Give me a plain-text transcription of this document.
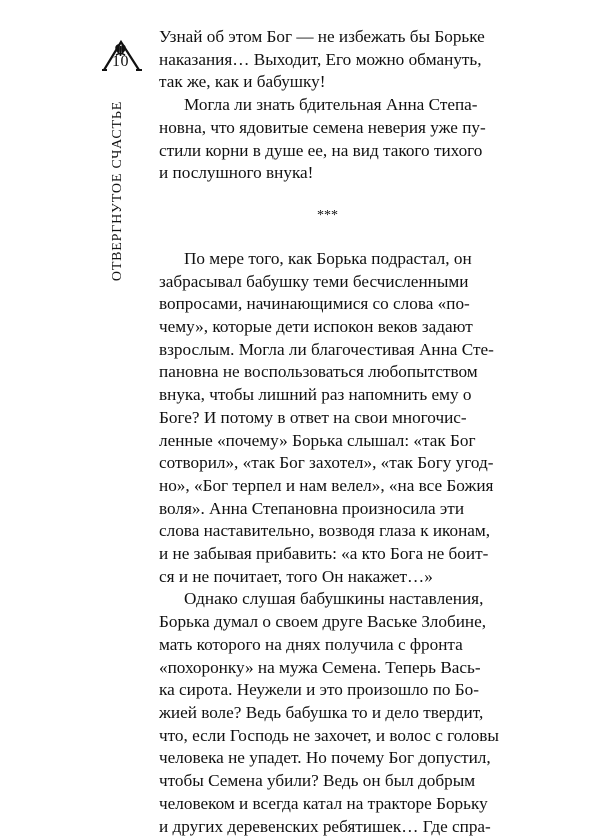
10
ОТВЕРГНУТОЕ СЧАСТЬЕ
Узнай об этом Бог — не избежать бы Борьке
наказания… Выходит, Его можно обмануть,
так же, как и бабушку!
Могла ли знать бдительная Анна Степа-
новна, что ядовитые семена неверия уже пу-
стили корни в душе ее, на вид такого тихого
и послушного внука!
***
По мере того, как Борька подрастал, он
забрасывал бабушку теми бесчисленными
вопросами, начинающимися со слова «по-
чему», которые дети испокон веков задают
взрослым. Могла ли благочестивая Анна Сте-
пановна не воспользоваться любопытством
внука, чтобы лишний раз напомнить ему о
Боге? И потому в ответ на свои многочис-
ленные «почему» Борька слышал: «так Бог
сотворил», «так Бог захотел», «так Богу угод-
но», «Бог терпел и нам велел», «на все Божия
воля». Анна Степановна произносила эти
слова наставительно, возводя глаза к иконам,
и не забывая прибавить: «а кто Бога не боит-
ся и не почитает, того Он накажет…»
Однако слушая бабушкины наставления,
Борька думал о своем друге Ваське Злобине,
мать которого на днях получила с фронта
«похоронку» на мужа Семена. Теперь Вась-
ка сирота. Неужели и это произошло по Бо-
жией воле? Ведь бабушка то и дело твердит,
что, если Господь не захочет, и волос с головы
человека не упадет. Но почему Бог допустил,
чтобы Семена убили? Ведь он был добрым
человеком и всегда катал на тракторе Борьку
и других деревенских ребятишек… Где спра-
